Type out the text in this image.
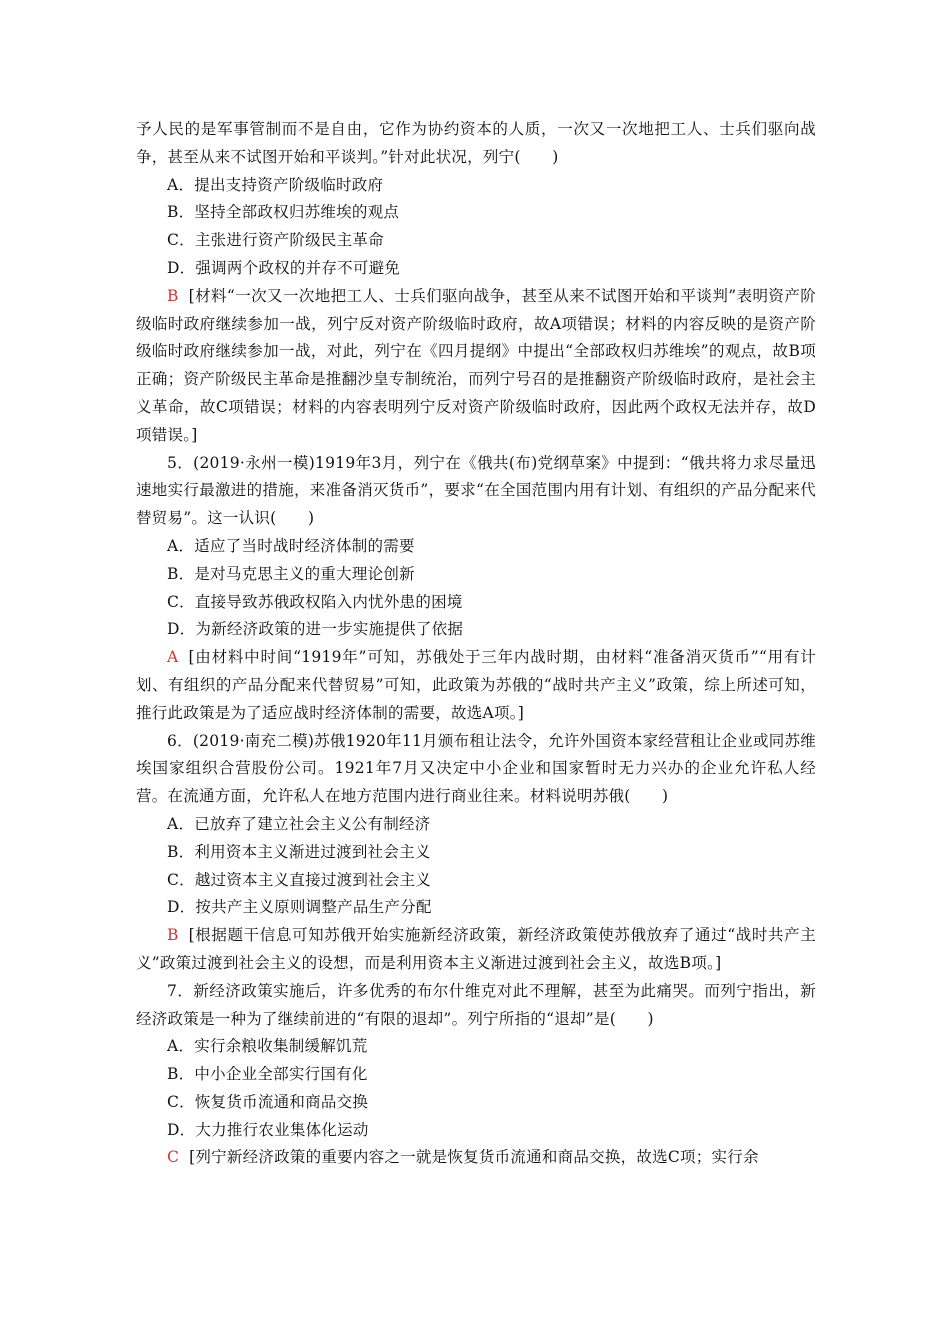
予人民的是军事管制而不是自由，它作为协约资本的人质，一次又一次地把工人、士兵们驱向战争，甚至从来不试图开始和平谈判。”针对此状况，列宁(　　)

A．提出支持资产阶级临时政府

B．坚持全部政权归苏维埃的观点

C．主张进行资产阶级民主革命

D．强调两个政权的并存不可避免

B [材料“一次又一次地把工人、士兵们驱向战争，甚至从来不试图开始和平谈判”表明资产阶级临时政府继续参加一战，列宁反对资产阶级临时政府，故A项错误；材料的内容反映的是资产阶级临时政府继续参加一战，对此，列宁在《四月提纲》中提出“全部政权归苏维埃”的观点，故B项正确；资产阶级民主革命是推翻沙皇专制统治，而列宁号召的是推翻资产阶级临时政府，是社会主义革命，故C项错误；材料的内容表明列宁反对资产阶级临时政府，因此两个政权无法并存，故D项错误。]

5．(2019·永州一模)1919年3月，列宁在《俄共(布)党纲草案》中提到：“俄共将力求尽量迅速地实行最激进的措施，来准备消灭货币”，要求“在全国范围内用有计划、有组织的产品分配来代替贸易”。这一认识(　　)

A．适应了当时战时经济体制的需要

B．是对马克思主义的重大理论创新

C．直接导致苏俄政权陷入内忧外患的困境

D．为新经济政策的进一步实施提供了依据

A [由材料中时间“1919年”可知，苏俄处于三年内战时期，由材料“准备消灭货币”“用有计划、有组织的产品分配来代替贸易”可知，此政策为苏俄的“战时共产主义”政策，综上所述可知，推行此政策是为了适应战时经济体制的需要，故选A项。]

6．(2019·南充二模)苏俄1920年11月颁布租让法令，允许外国资本家经营租让企业或同苏维埃国家组织合营股份公司。1921年7月又决定中小企业和国家暂时无力兴办的企业允许私人经营。在流通方面，允许私人在地方范围内进行商业往来。材料说明苏俄(　　)

A．已放弃了建立社会主义公有制经济

B．利用资本主义渐进过渡到社会主义

C．越过资本主义直接过渡到社会主义

D．按共产主义原则调整产品生产分配

B [根据题干信息可知苏俄开始实施新经济政策，新经济政策使苏俄放弃了通过“战时共产主义”政策过渡到社会主义的设想，而是利用资本主义渐进过渡到社会主义，故选B项。]

7．新经济政策实施后，许多优秀的布尔什维克对此不理解，甚至为此痛哭。而列宁指出，新经济政策是一种为了继续前进的“有限的退却”。列宁所指的“退却”是(　　)

A．实行余粮收集制缓解饥荒

B．中小企业全部实行国有化

C．恢复货币流通和商品交换

D．大力推行农业集体化运动

C [列宁新经济政策的重要内容之一就是恢复货币流通和商品交换，故选C项；实行余
